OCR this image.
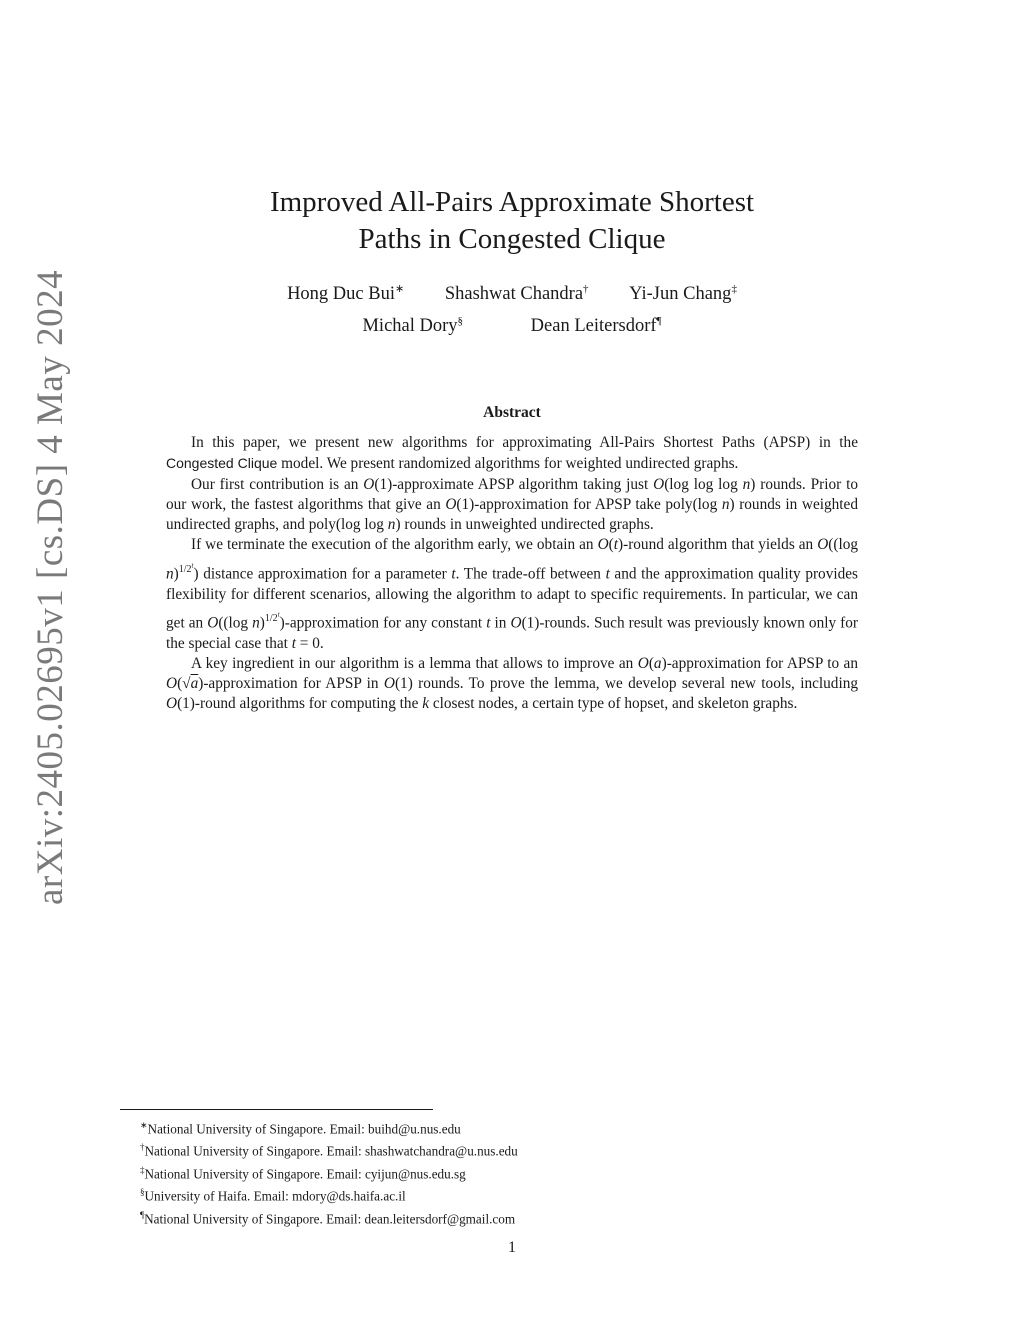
arXiv:2405.02695v1 [cs.DS] 4 May 2024
Improved All-Pairs Approximate Shortest
Paths in Congested Clique
Hong Duc Bui∗ Shashwat Chandra† Yi-Jun Chang‡
Michal Dory§	Dean Leitersdorf¶
Abstract

In this paper, we present new algorithms for approximating All-Pairs Shortest Paths (APSP) in the Congested Clique model. We present randomized algorithms for weighted undirected graphs.

Our first contribution is an O(1)-approximate APSP algorithm taking just O(log log log n) rounds. Prior to our work, the fastest algorithms that give an O(1)-approximation for APSP take poly(log n) rounds in weighted undirected graphs, and poly(log log n) rounds in unweighted undirected graphs.

If we terminate the execution of the algorithm early, we obtain an O(t)-round algorithm that yields an O((log n)$^{1/2^t}$) distance approximation for a parameter t. The trade-off between t and the approximation quality provides flexibility for different scenarios, allowing the algorithm to adapt to specific requirements. In particular, we can get an O((log n)$^{1/2^t}$)-approximation for any constant t in O(1)-rounds. Such result was previously known only for the special case that t = 0.

A key ingredient in our algorithm is a lemma that allows to improve an O(a)-approximation for APSP to an O(√a)-approximation for APSP in O(1) rounds. To prove the lemma, we develop several new tools, including O(1)-round algorithms for computing the k closest nodes, a certain type of hopset, and skeleton graphs.

∗National University of Singapore. Email: buihd@u.nus.edu
†National University of Singapore. Email: shashwatchandra@u.nus.edu
‡National University of Singapore. Email: cyijun@nus.edu.sg
§University of Haifa. Email: mdory@ds.haifa.ac.il
¶National University of Singapore. Email: dean.leitersdorf@gmail.com
1
